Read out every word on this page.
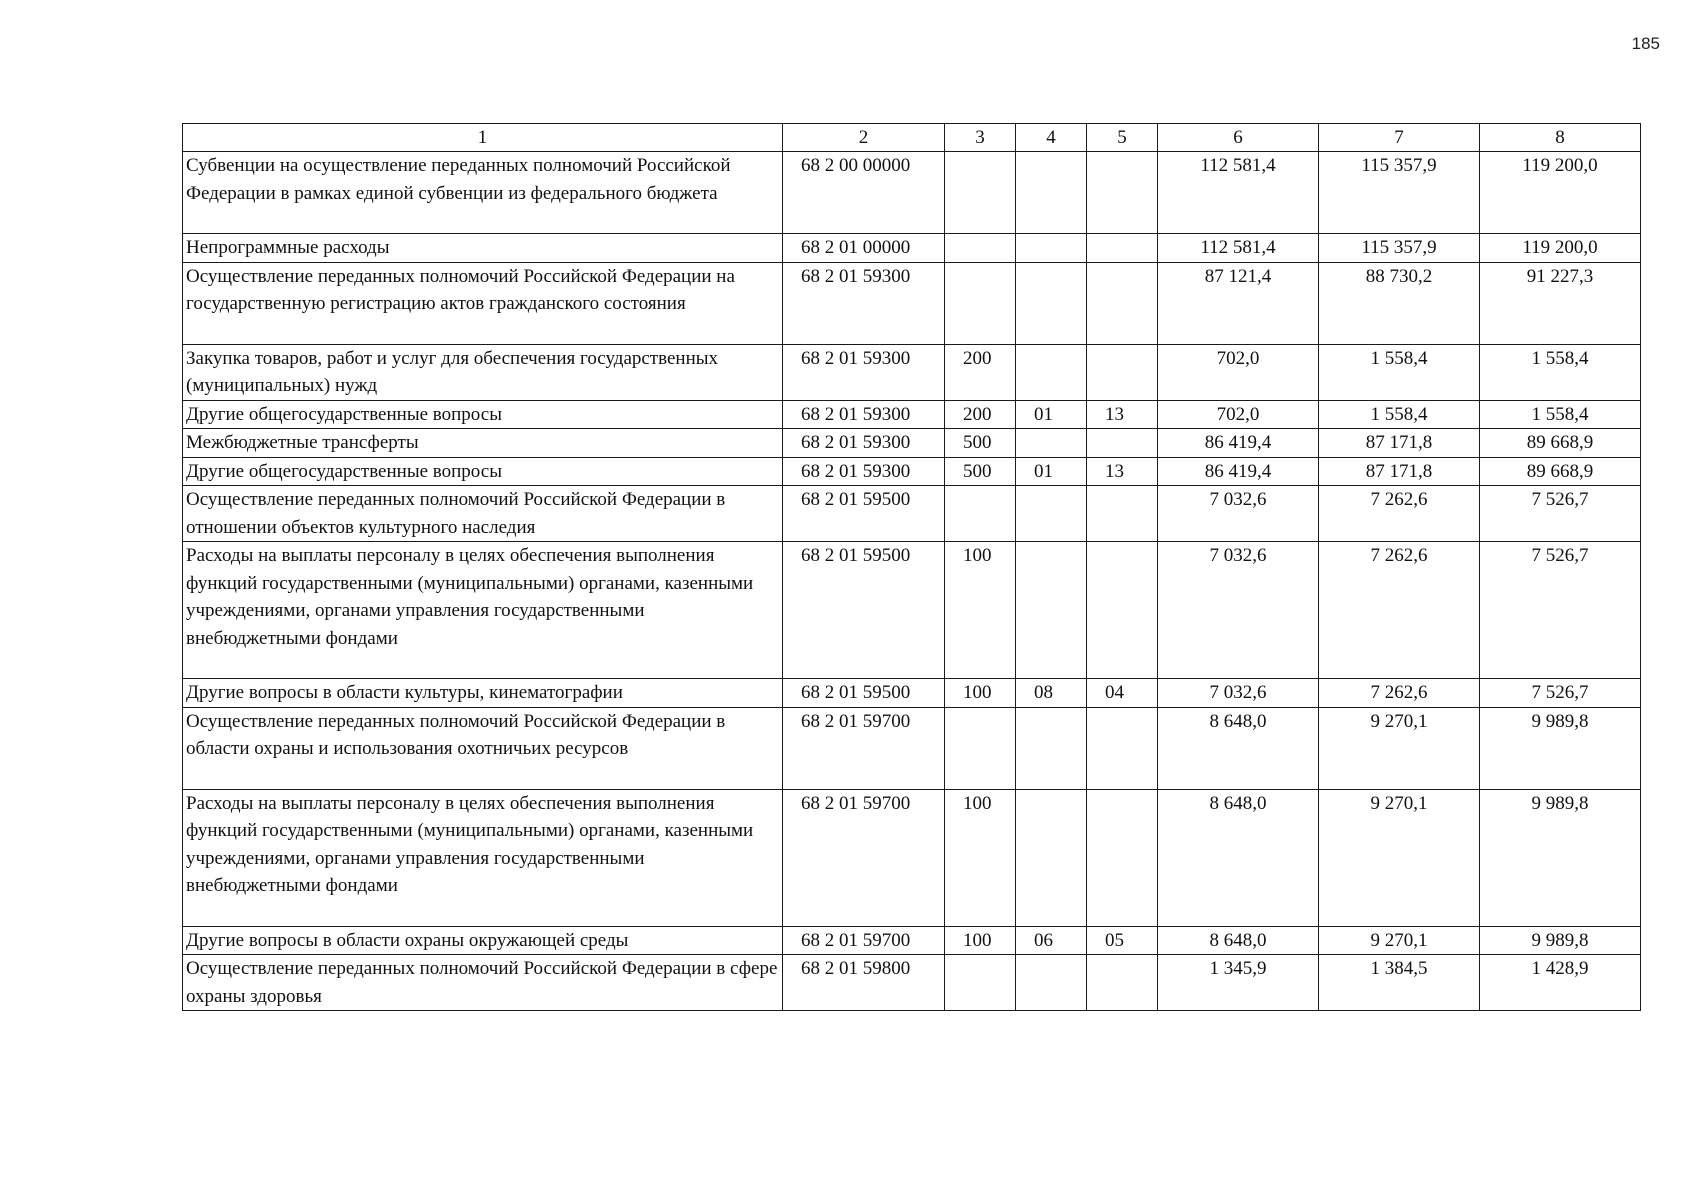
185
1	2	3	4	5	6	7	8
Субвенции на осуществление переданных полномочий Российской Федерации в рамках единой субвенции из федерального бюджета	68 2 00 00000				112 581,4	115 357,9	119 200,0
Непрограммные расходы	68 2 01 00000				112 581,4	115 357,9	119 200,0
Осуществление переданных полномочий Российской Федерации на государственную регистрацию актов гражданского состояния	68 2 01 59300				87 121,4	88 730,2	91 227,3
Закупка товаров, работ и услуг для обеспечения государственных (муниципальных) нужд	68 2 01 59300	200			702,0	1 558,4	1 558,4
Другие общегосударственные вопросы	68 2 01 59300	200	01	13	702,0	1 558,4	1 558,4
Межбюджетные трансферты	68 2 01 59300	500			86 419,4	87 171,8	89 668,9
Другие общегосударственные вопросы	68 2 01 59300	500	01	13	86 419,4	87 171,8	89 668,9
Осуществление переданных полномочий Российской Федерации в отношении объектов культурного наследия	68 2 01 59500				7 032,6	7 262,6	7 526,7
Расходы на выплаты персоналу в целях обеспечения выполнения функций государственными (муниципальными) органами, казенными учреждениями, органами управления государственными внебюджетными фондами	68 2 01 59500	100			7 032,6	7 262,6	7 526,7
Другие вопросы в области культуры, кинематографии	68 2 01 59500	100	08	04	7 032,6	7 262,6	7 526,7
Осуществление переданных полномочий Российской Федерации в области охраны и использования охотничьих ресурсов	68 2 01 59700				8 648,0	9 270,1	9 989,8
Расходы на выплаты персоналу в целях обеспечения выполнения функций государственными (муниципальными) органами, казенными учреждениями, органами управления государственными внебюджетными фондами	68 2 01 59700	100			8 648,0	9 270,1	9 989,8
Другие вопросы в области охраны окружающей среды	68 2 01 59700	100	06	05	8 648,0	9 270,1	9 989,8
Осуществление переданных полномочий Российской Федерации в сфере охраны здоровья	68 2 01 59800				1 345,9	1 384,5	1 428,9
